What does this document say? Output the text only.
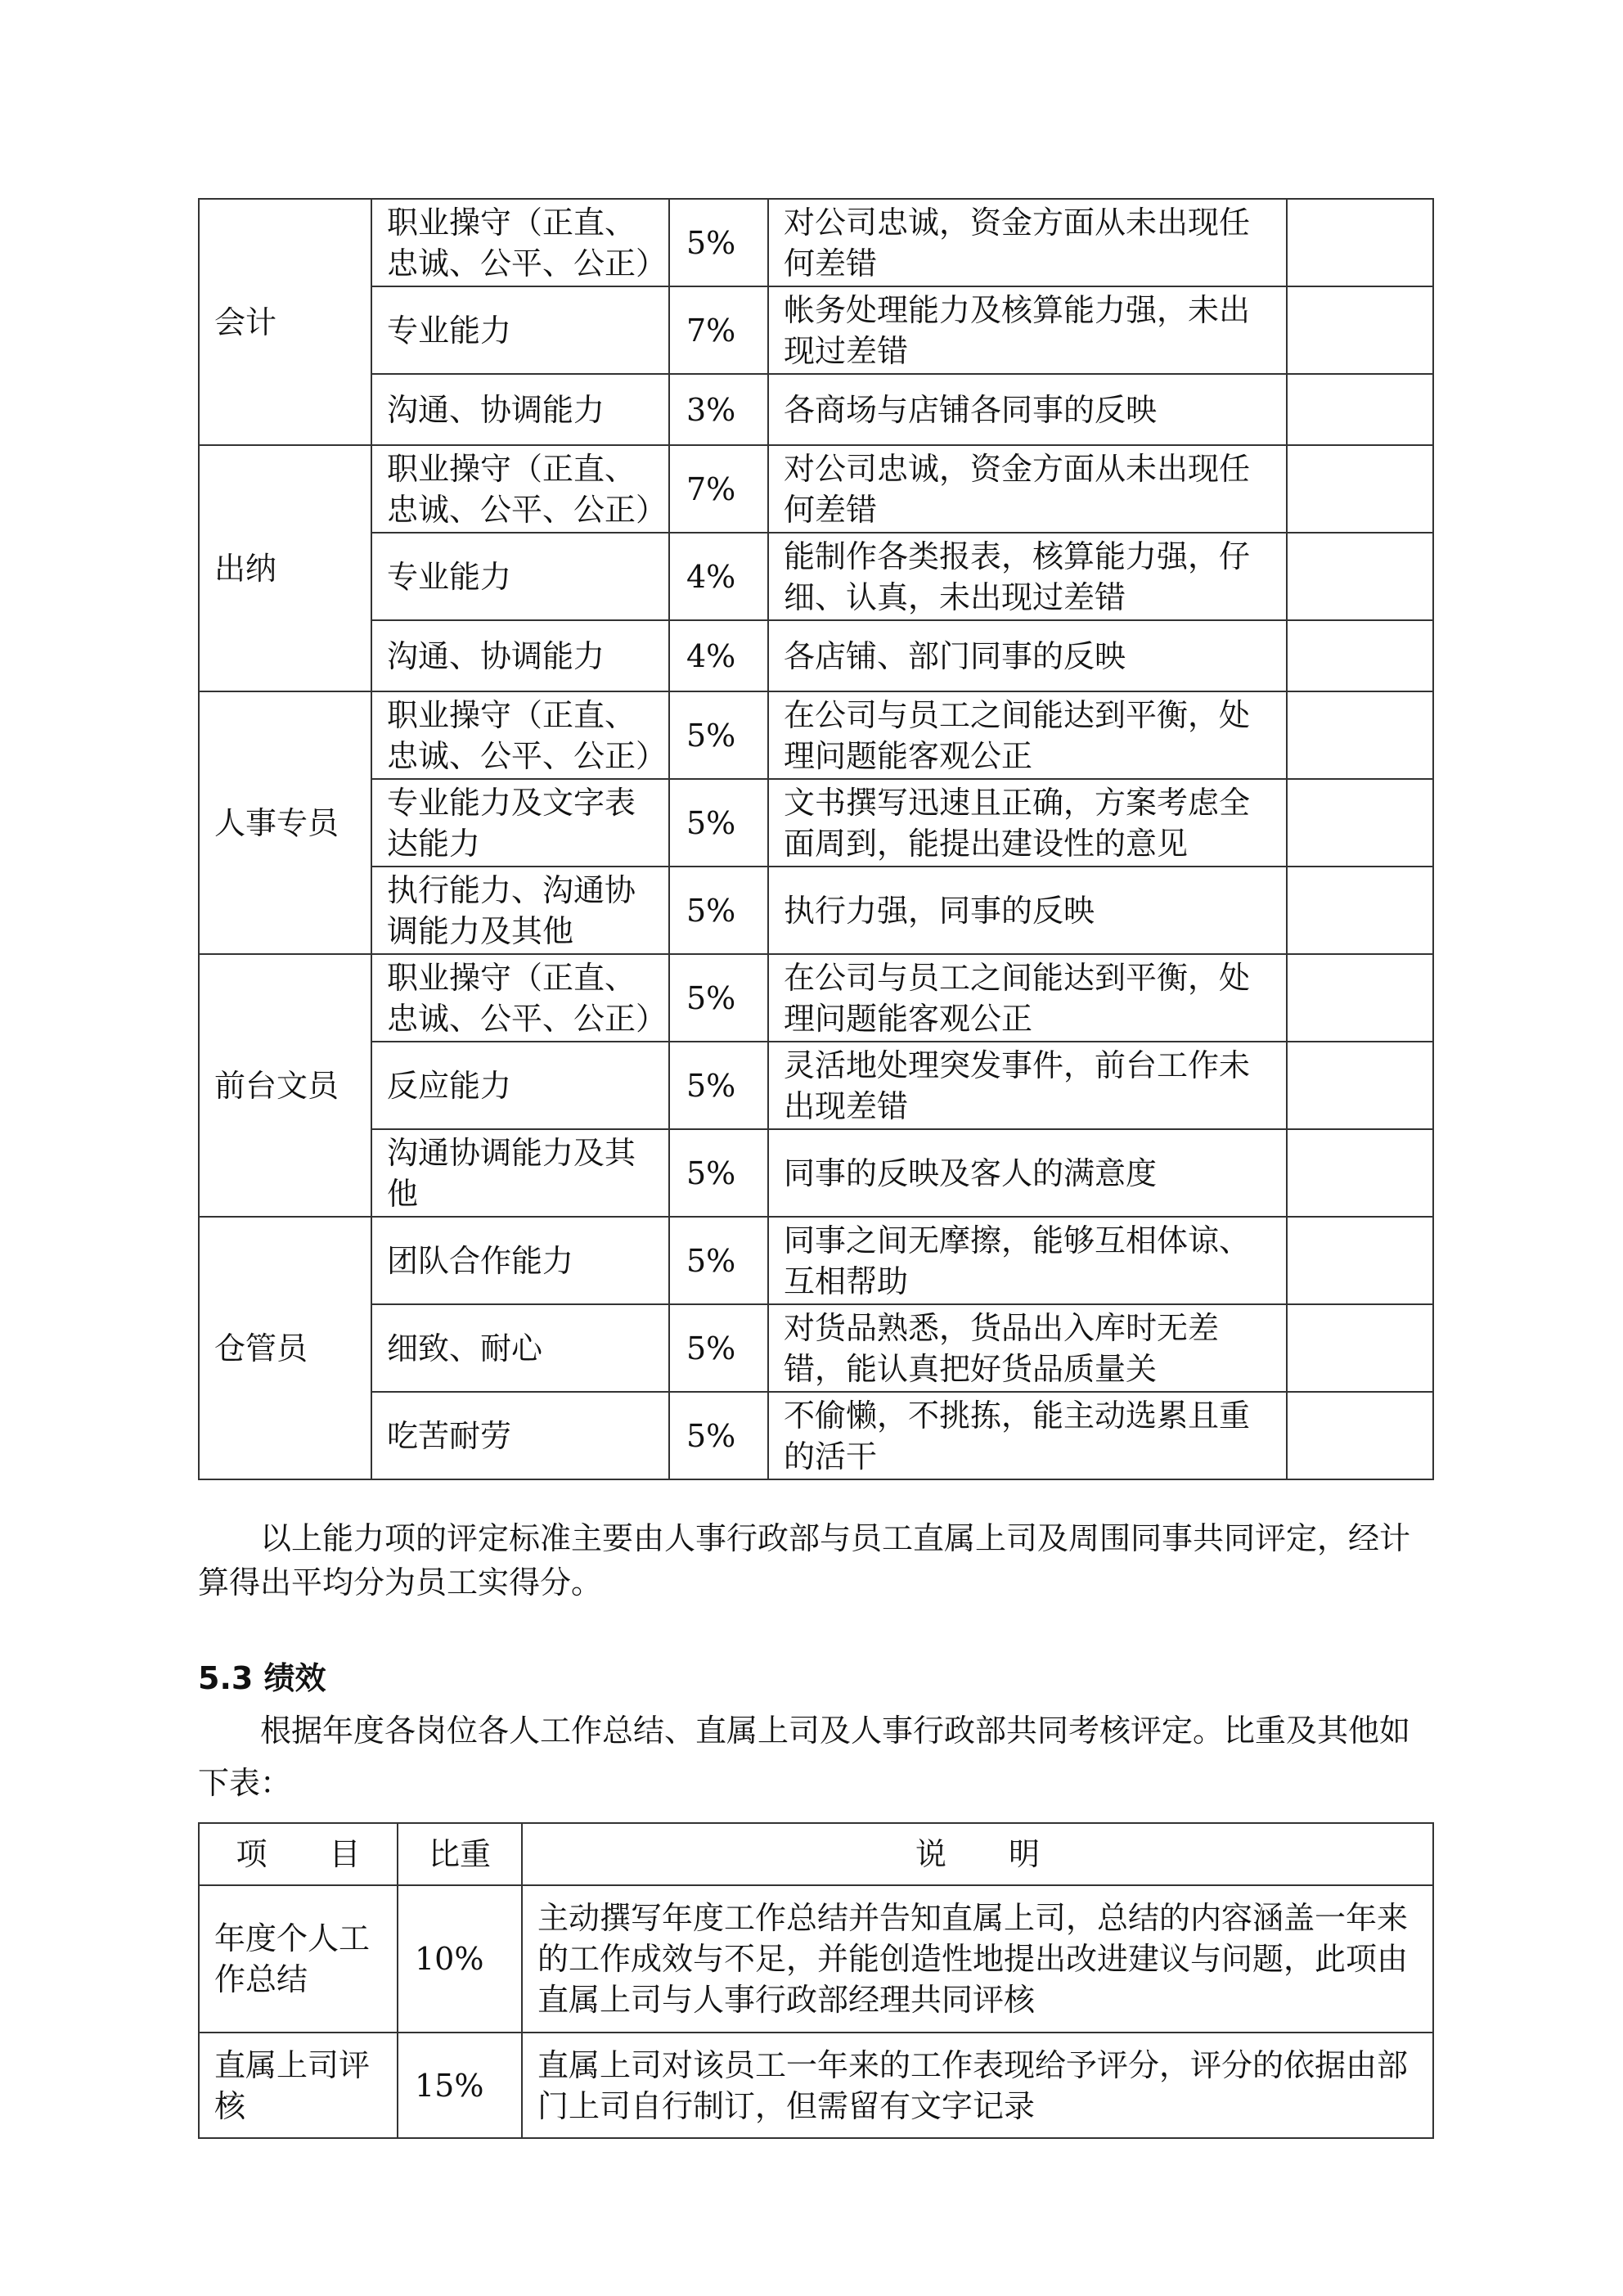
会计	职业操守（正直、忠诚、公平、公正）	5%	对公司忠诚，资金方面从未出现任何差错	
	专业能力	7%	帐务处理能力及核算能力强，未出现过差错	
	沟通、协调能力	3%	各商场与店铺各同事的反映	
出纳	职业操守（正直、忠诚、公平、公正）	7%	对公司忠诚，资金方面从未出现任何差错	
	专业能力	4%	能制作各类报表，核算能力强，仔细、认真，未出现过差错	
	沟通、协调能力	4%	各店铺、部门同事的反映	
人事专员	职业操守（正直、忠诚、公平、公正）	5%	在公司与员工之间能达到平衡，处理问题能客观公正	
	专业能力及文字表达能力	5%	文书撰写迅速且正确，方案考虑全面周到，能提出建设性的意见	
	执行能力、沟通协调能力及其他	5%	执行力强，同事的反映	
前台文员	职业操守（正直、忠诚、公平、公正）	5%	在公司与员工之间能达到平衡，处理问题能客观公正	
	反应能力	5%	灵活地处理突发事件，前台工作未出现差错	
	沟通协调能力及其他	5%	同事的反映及客人的满意度	
仓管员	团队合作能力	5%	同事之间无摩擦，能够互相体谅、互相帮助	
	细致、耐心	5%	对货品熟悉，货品出入库时无差错，能认真把好货品质量关	
	吃苦耐劳	5%	不偷懒，不挑拣，能主动选累且重的活干	

以上能力项的评定标准主要由人事行政部与员工直属上司及周围同事共同评定，经计算得出平均分为员工实得分。

5.3 绩效

根据年度各岗位各人工作总结、直属上司及人事行政部共同考核评定。比重及其他如下表：

项　　目	比重	说　　明
年度个人工作总结	10%	主动撰写年度工作总结并告知直属上司，总结的内容涵盖一年来的工作成效与不足，并能创造性地提出改进建议与问题，此项由直属上司与人事行政部经理共同评核
直属上司评核	15%	直属上司对该员工一年来的工作表现给予评分，评分的依据由部门上司自行制订，但需留有文字记录
